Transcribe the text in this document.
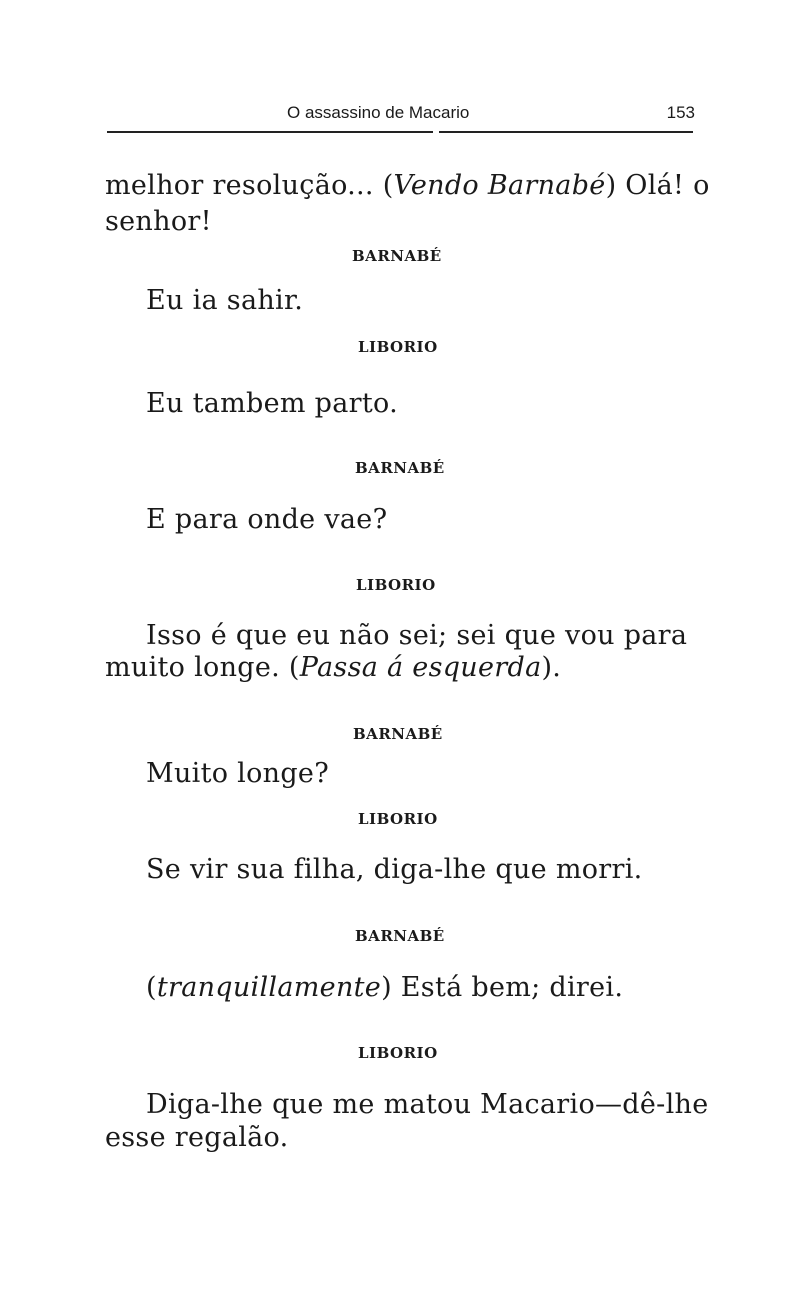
O assassino de Macario	153
melhor resolução... (Vendo Barnabé) Olá! o
senhor!
BARNABÉ
Eu ia sahir.
LIBORIO
Eu tambem parto.
BARNABÉ
E para onde vae?
LIBORIO
Isso é que eu não sei; sei que vou para
muito longe. (Passa á esquerda).
BARNABÉ
Muito longe?
LIBORIO
Se vir sua filha, diga-lhe que morri.
BARNABÉ
(tranquillamente) Está bem; direi.
LIBORIO
Diga-lhe que me matou Macario—dê-lhe
esse regalão.
